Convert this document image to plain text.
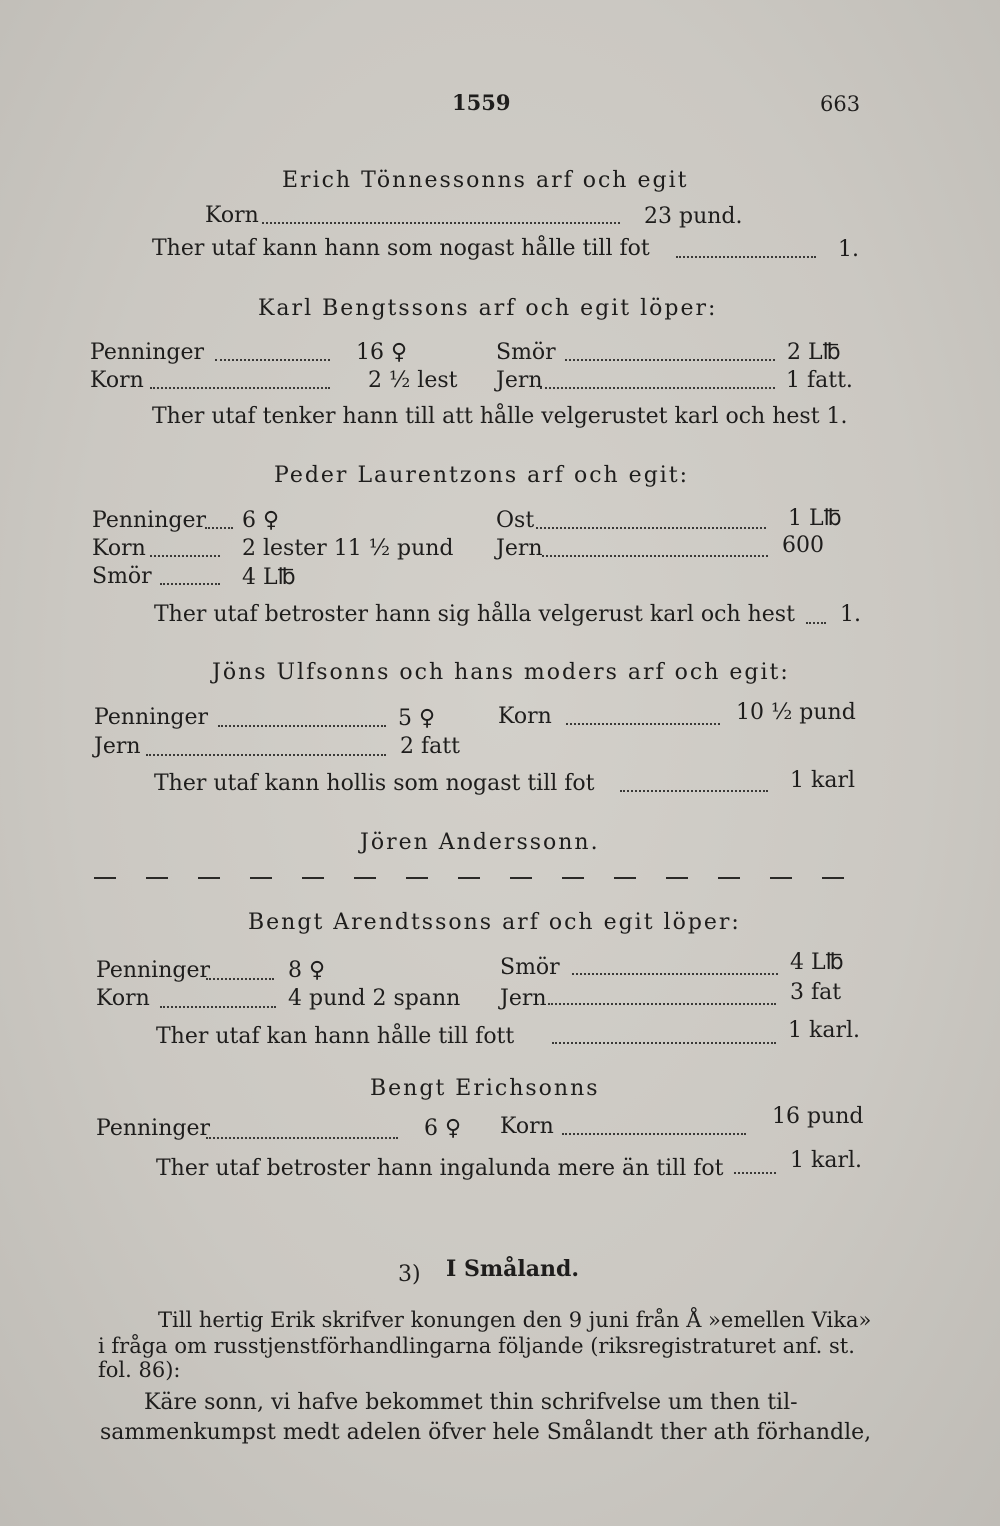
1559	663
Erich Tönnessonns arf och egit
Korn	23 pund.
Ther utaf kann hann som nogast hålle till fot	1.
Karl Bengtssons arf och egit löper:
Penninger	16 ♀	Smör	2 L℔
Korn	2 ½ lest Jern	1 fatt.
Ther utaf tenker hann till att hålle velgerustet karl och hest 1.
Peder Laurentzons arf och egit:
Penninger 6 ♀	Ost	1 L℔
Korn	2 lester 11 ½ pund Jern	600
Smör	4 L℔
Ther utaf betroster hann sig hålla velgerust karl och hest 1.
Jöns Ulfsonns och hans moders arf och egit:
Penninger	5 ♀	Korn	10 ½ pund
Jern	2 fatt
Ther utaf kann hollis som nogast till fot	1 karl
Jören Anderssonn.
Bengt Arendtssons arf och egit löper:
Penninger	8 ♀	Smör	4 L℔
Korn	4 pund 2 spann Jern	3 fat
Ther utaf kan hann hålle till fott	1 karl.
Bengt Erichsonns
Penninger	6 ♀ Korn	16 pund
Ther utaf betroster hann ingalunda mere än till fot	1 karl.
3) I Småland.
Till hertig Erik skrifver konungen den 9 juni från Å »emellen Vika»
i fråga om russtjenstförhandlingarna följande (riksregistraturet anf. st.
fol. 86):
Käre sonn, vi hafve bekommet thin schrifvelse um then til-
sammenkumpst medt adelen öfver hele Smålandt ther ath förhandle,
